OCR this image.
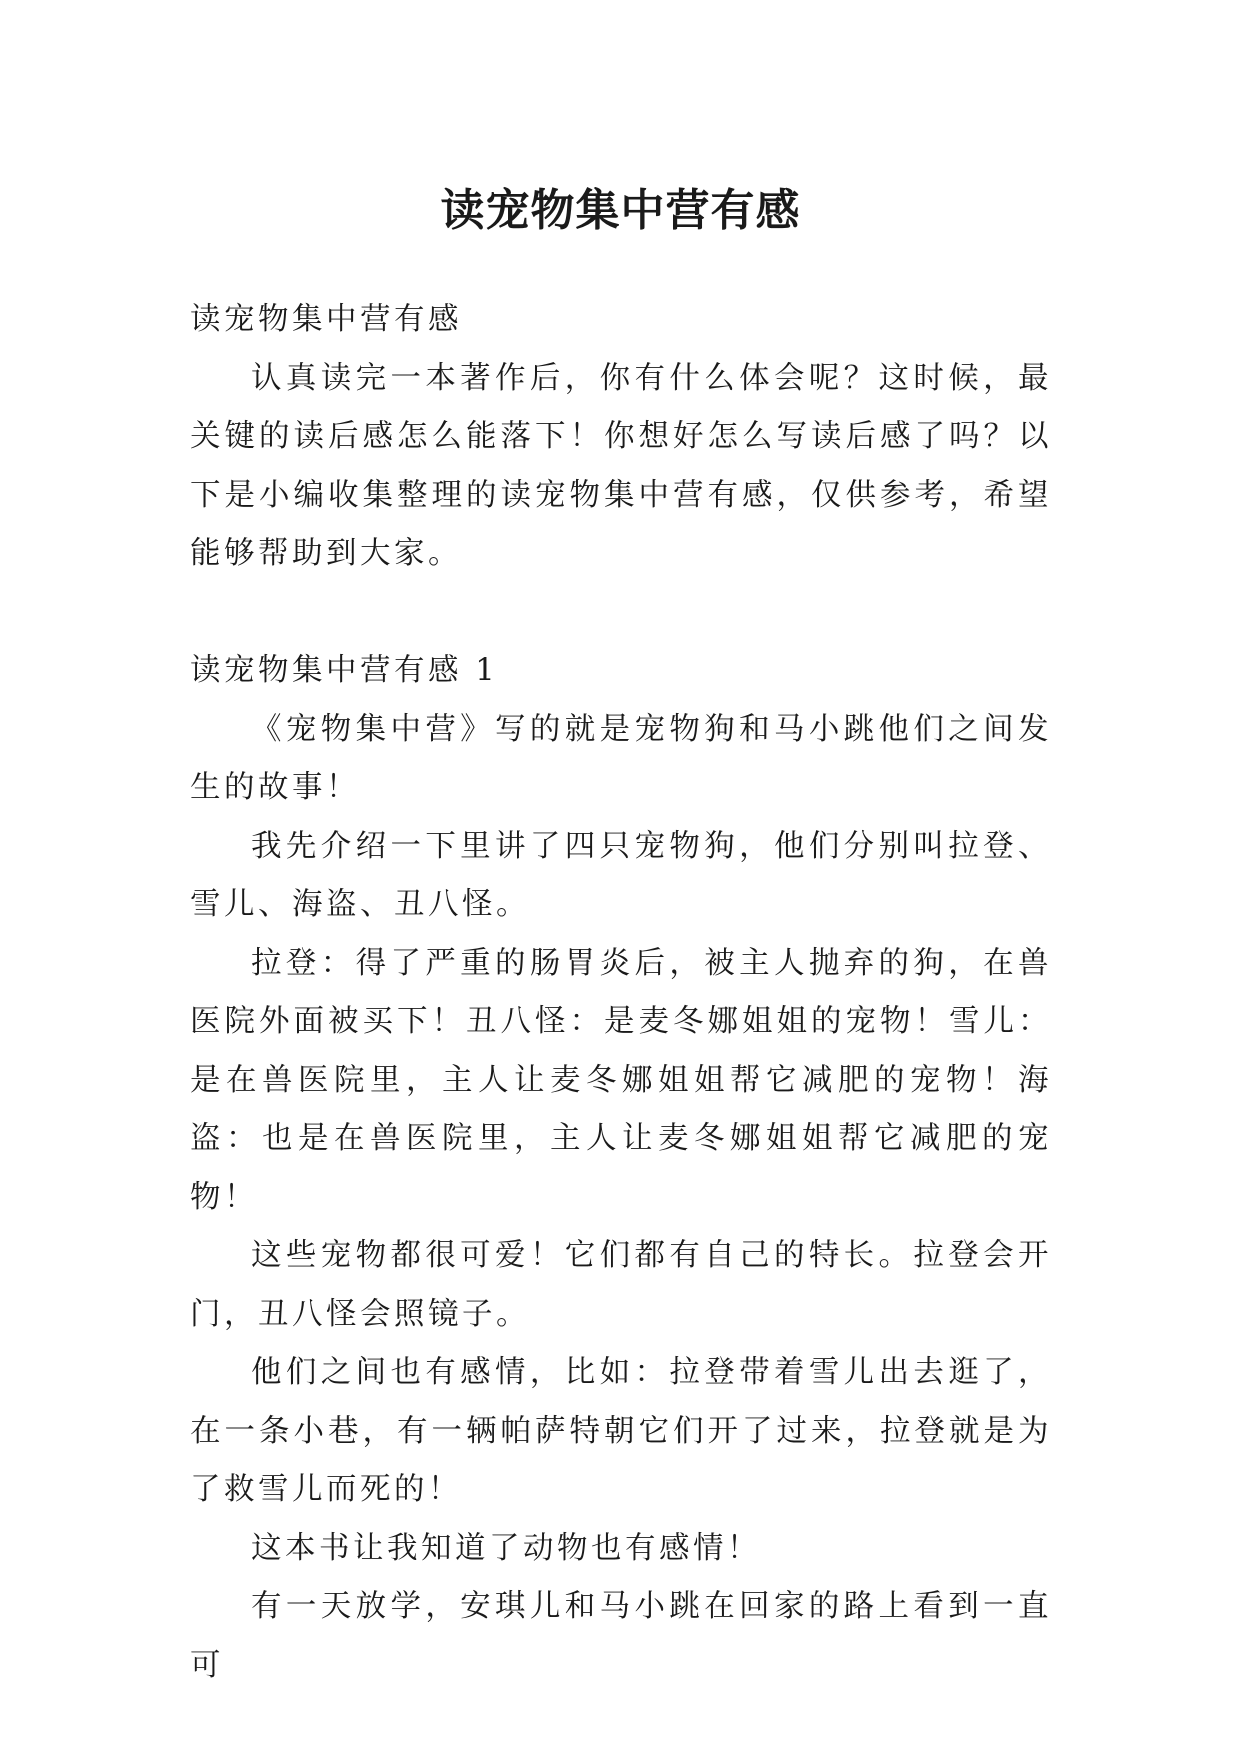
读宠物集中营有感

读宠物集中营有感

认真读完一本著作后，你有什么体会呢？这时候，最关键的读后感怎么能落下！你想好怎么写读后感了吗？以下是小编收集整理的读宠物集中营有感，仅供参考，希望能够帮助到大家。

读宠物集中营有感 1

《宠物集中营》写的就是宠物狗和马小跳他们之间发生的故事！

我先介绍一下里讲了四只宠物狗，他们分别叫拉登、雪儿、海盗、丑八怪。

拉登：得了严重的肠胃炎后，被主人抛弃的狗，在兽医院外面被买下！丑八怪：是麦冬娜姐姐的宠物！雪儿：是在兽医院里，主人让麦冬娜姐姐帮它减肥的宠物！海盗：也是在兽医院里，主人让麦冬娜姐姐帮它减肥的宠物！

这些宠物都很可爱！它们都有自己的特长。拉登会开门，丑八怪会照镜子。

他们之间也有感情，比如：拉登带着雪儿出去逛了，在一条小巷，有一辆帕萨特朝它们开了过来，拉登就是为了救雪儿而死的！

这本书让我知道了动物也有感情！

有一天放学，安琪儿和马小跳在回家的路上看到一直可
